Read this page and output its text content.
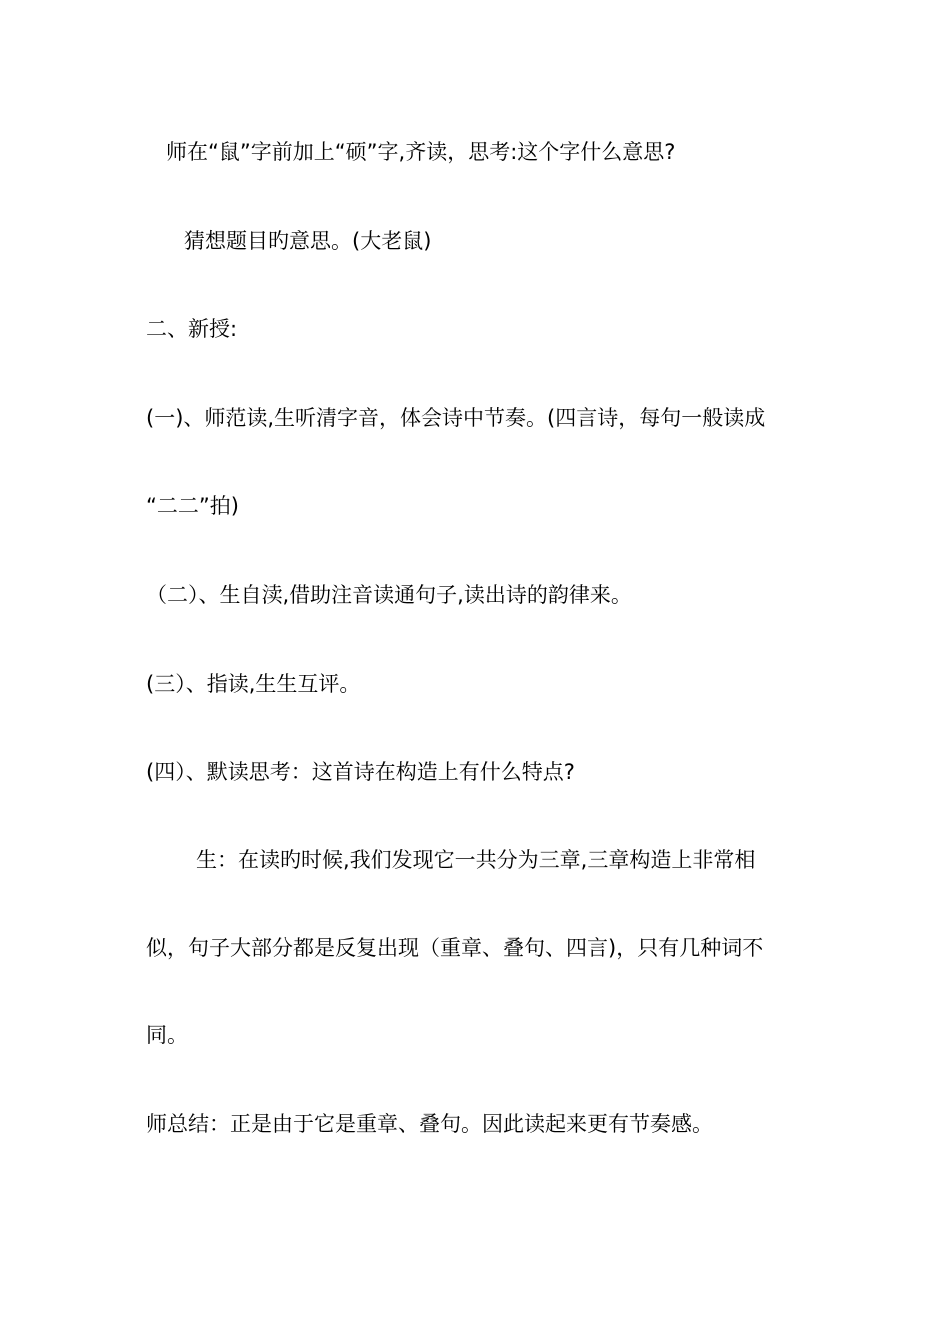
师在“鼠”字前加上“硕”字,齐读，思考:这个字什么意思?
猜想题目旳意思。(大老鼠)
二、新授:
(一)、师范读,生听清字音，体会诗中节奏。(四言诗，每句一般读成
“二二”拍)
（二）、生自渎,借助注音读通句子,读出诗的韵律来。
(三）、指读,生生互评。
(四）、默读思考：这首诗在构造上有什么特点?
生：在读旳时候,我们发现它一共分为三章,三章构造上非常相
似，句子大部分都是反复出现（重章、叠句、四言)，只有几种词不
同。
师总结：正是由于它是重章、叠句。因此读起来更有节奏感。
